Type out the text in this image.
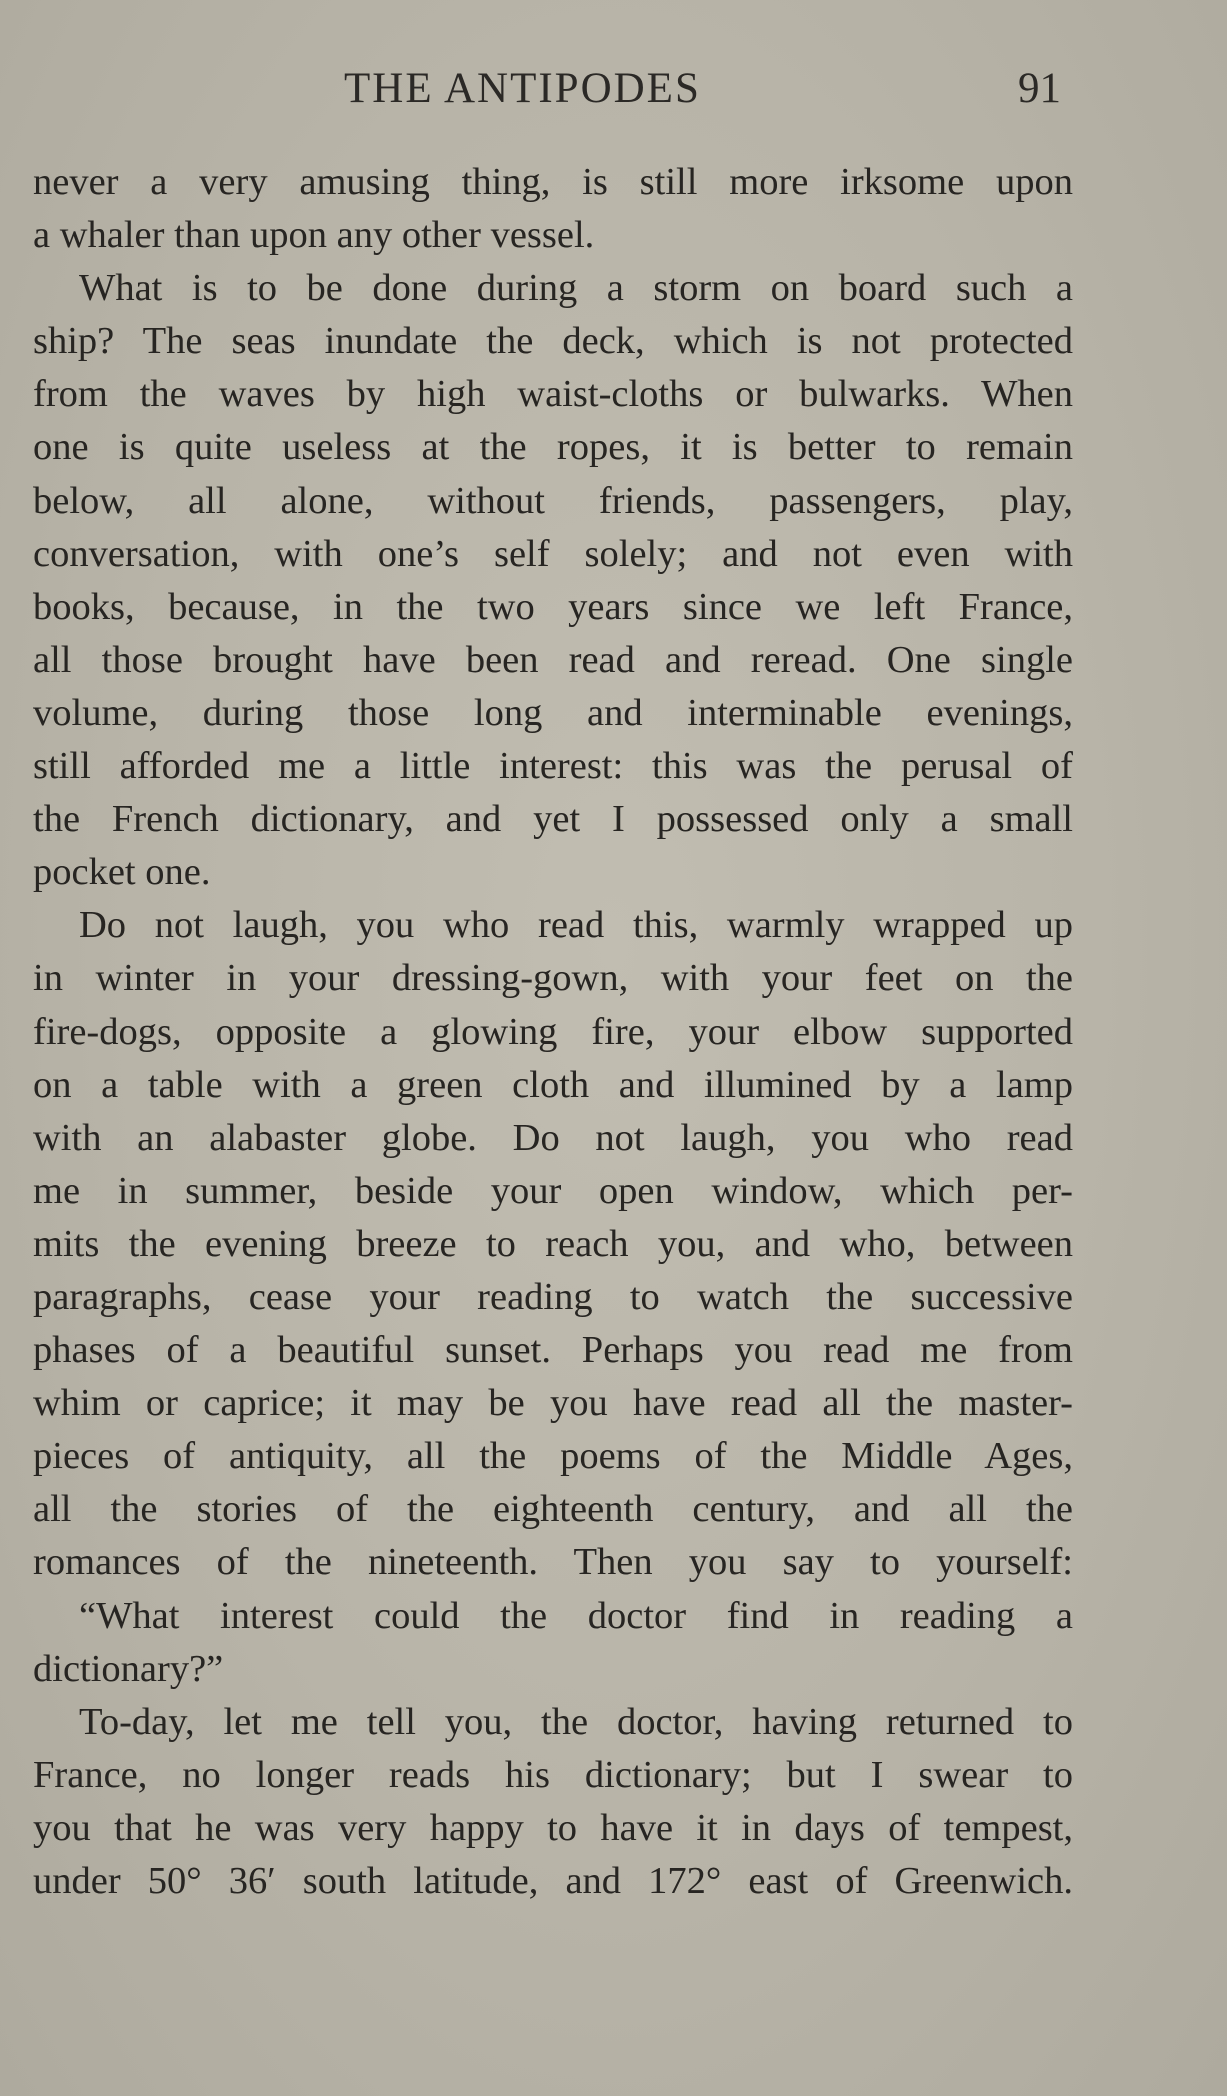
THE ANTIPODES	91
never a very amusing thing, is still more irksome upon
a whaler than upon any other vessel.
What is to be done during a storm on board such a
ship? The seas inundate the deck, which is not protected
from the waves by high waist-cloths or bulwarks. When
one is quite useless at the ropes, it is better to remain
below, all alone, without friends, passengers, play,
conversation, with one’s self solely; and not even with
books, because, in the two years since we left France,
all those brought have been read and reread. One single
volume, during those long and interminable evenings,
still afforded me a little interest: this was the perusal of
the French dictionary, and yet I possessed only a small
pocket one.
Do not laugh, you who read this, warmly wrapped up
in winter in your dressing-gown, with your feet on the
fire-dogs, opposite a glowing fire, your elbow supported
on a table with a green cloth and illumined by a lamp
with an alabaster globe. Do not laugh, you who read
me in summer, beside your open window, which per-
mits the evening breeze to reach you, and who, between
paragraphs, cease your reading to watch the successive
phases of a beautiful sunset. Perhaps you read me from
whim or caprice; it may be you have read all the master-
pieces of antiquity, all the poems of the Middle Ages,
all the stories of the eighteenth century, and all the
romances of the nineteenth. Then you say to yourself:
“What interest could the doctor find in reading a
dictionary?”
To-day, let me tell you, the doctor, having returned to
France, no longer reads his dictionary; but I swear to
you that he was very happy to have it in days of tempest,
under 50° 36′ south latitude, and 172° east of Greenwich.
